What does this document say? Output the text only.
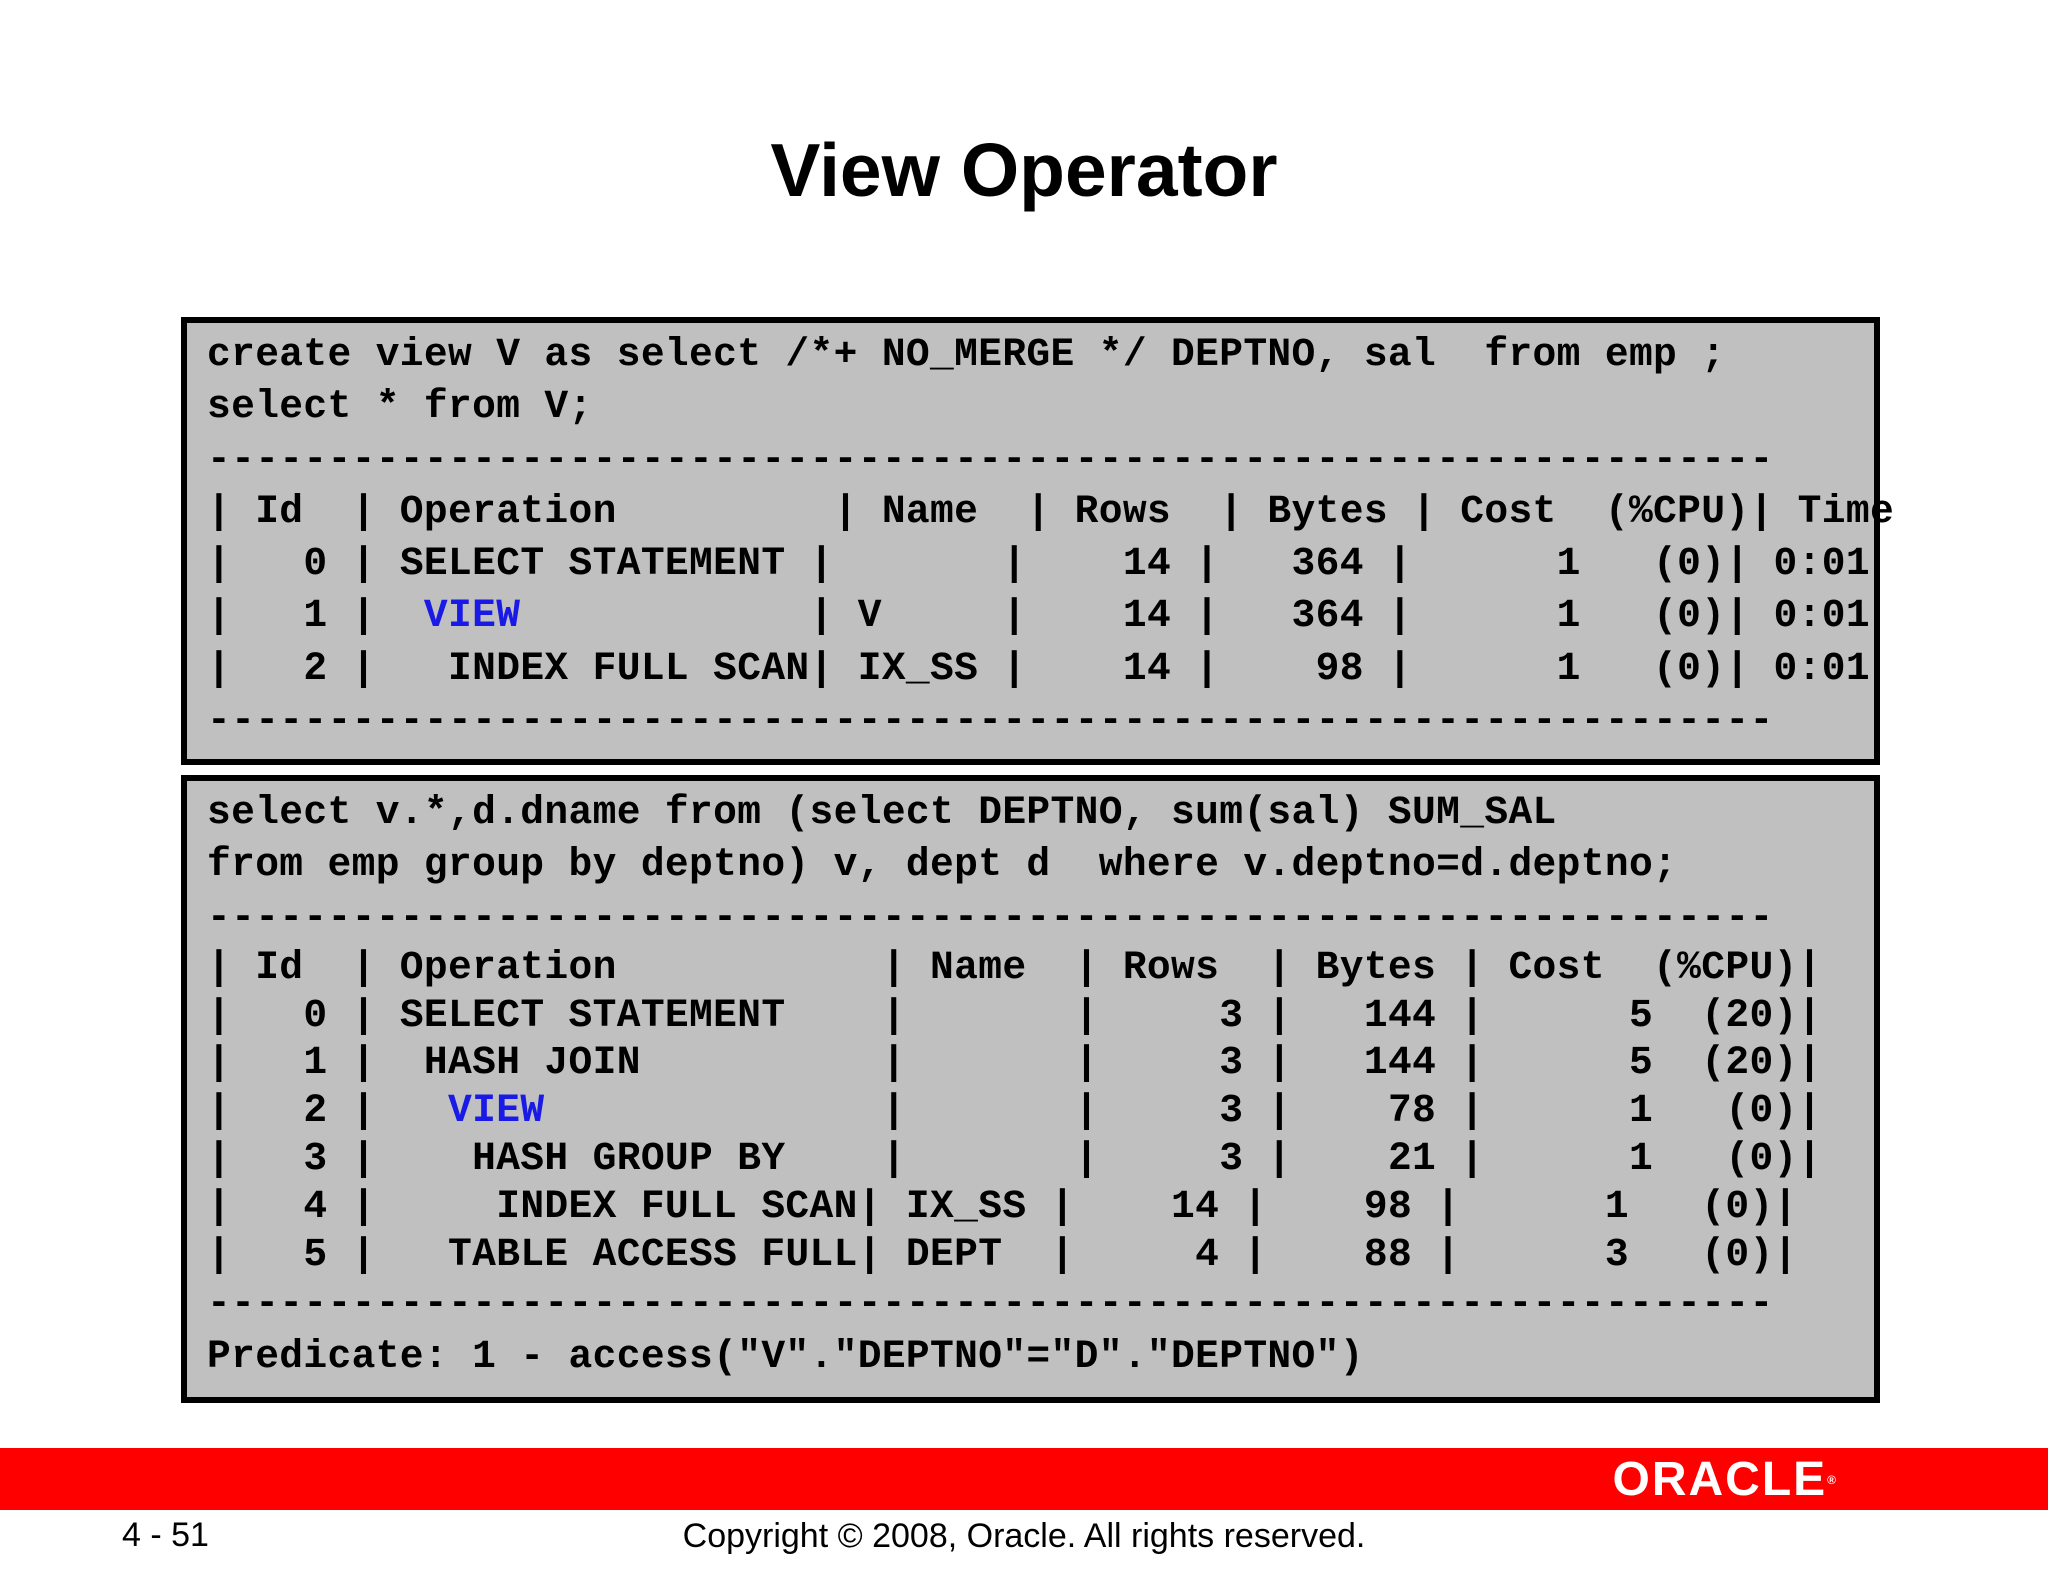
View Operator
create view V as select /*+ NO_MERGE */ DEPTNO, sal  from emp ;
select * from V;
-----------------------------------------------------------------
| Id  | Operation         | Name  | Rows  | Bytes | Cost  (%CPU)| Time
|   0 | SELECT STATEMENT |       |    14 |   364 |      1   (0)| 0:01
|   1 |  VIEW            | V     |    14 |   364 |      1   (0)| 0:01
|   2 |   INDEX FULL SCAN| IX_SS |    14 |    98 |      1   (0)| 0:01
-----------------------------------------------------------------
select v.*,d.dname from (select DEPTNO, sum(sal) SUM_SAL
from emp group by deptno) v, dept d  where v.deptno=d.deptno;
-----------------------------------------------------------------
| Id  | Operation           | Name  | Rows  | Bytes | Cost  (%CPU)|
|   0 | SELECT STATEMENT    |       |     3 |   144 |      5  (20)|
|   1 |  HASH JOIN          |       |     3 |   144 |      5  (20)|
|   2 |   VIEW              |       |     3 |    78 |      1   (0)|
|   3 |    HASH GROUP BY    |       |     3 |    21 |      1   (0)|
|   4 |     INDEX FULL SCAN| IX_SS |    14 |    98 |      1   (0)|
|   5 |   TABLE ACCESS FULL| DEPT  |     4 |    88 |      3   (0)|
-----------------------------------------------------------------
Predicate: 1 - access("V"."DEPTNO"="D"."DEPTNO")
ORACLE®
4 - 51	Copyright © 2008, Oracle. All rights reserved.
